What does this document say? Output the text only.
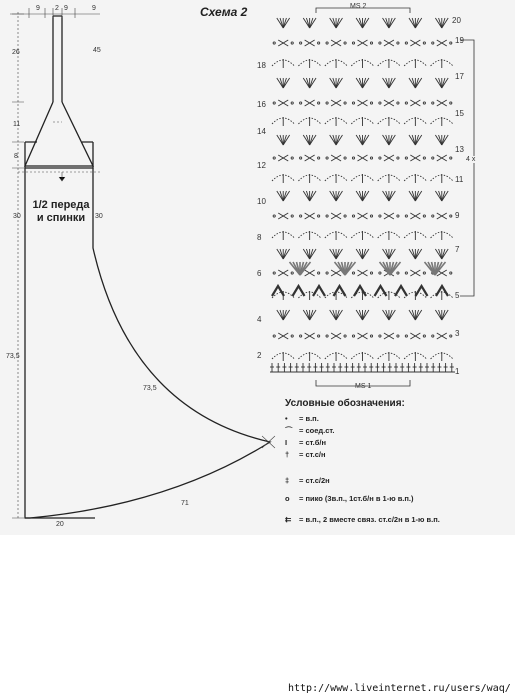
9 2 9	9
26	45
11
8
30	30
73,5
73,5
71
20
1/2 переда
и спинки
Схема 2	MS 2
MS 1
4 х
Условные обозначения:
18
16
14
12
10
8
6
4
2
20
19
17
15
13
11
9
7
5
3
1
• = в.п.
⌒ = соед.ст.
I = ст.б/н
† = ст.с/н
‡ = ст.с/2н
o = пико (3в.п., 1ст.б/н в 1-ю в.п.)
⇇ = в.п., 2 вместе связ. ст.с/2н в 1-ю в.п.
http://www.liveinternet.ru/users/waq/
